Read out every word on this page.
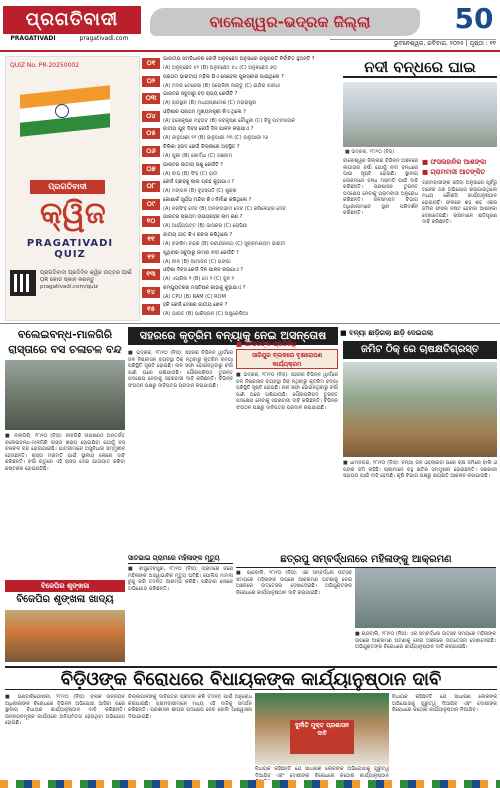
ପ୍ରଗତିବାଦୀ
PRAGATIVADI	pragativadi.com
ବାଲେଶ୍ୱର-ଭଦ୍ରକ ଜିଲ୍ଲା	50
ଭୁବନେଶ୍ୱର, ରବିବାର, ୨୦୨୫ | ପୃଷ୍ଠା : ୧୧
QUIZ No. PR-20250002
ପ୍ରଗତିବାଦୀ
କ୍ୱିଜ
PRAGATIVADI QUIZ
ପ୍ରଗତିବାଦୀ ପ୍ରତିଦିନ କ୍ୱିଜ ଉତ୍ତର ପାଇଁ QR କୋଡ ସ୍କାନ କରନ୍ତୁ pragativadi.com/quiz
୦୧	ଭାରତୀୟ ସମ୍ବିଧାନର କେଉଁ ଅନୁଚ୍ଛେଦ ଅନୁସାରେ ରାଷ୍ଟ୍ରପତି ନିର୍ବାଚିତ ହୁଅନ୍ତି ?
(A) ଅନୁଚ୍ଛେଦ ୫୨ (B) ଅନୁଚ୍ଛେଦ ୫୪ (C) ଅନୁଚ୍ଛେଦ ୬୦
୦୨	ପ୍ରଥମ ଭାରତୀୟ ମହିଳା ଯିଏ ନୋବେଲ ପୁରସ୍କାର ପାଇଥିଲେ ?
(A) ମଦର ଟେରେସା (B) ସରୋଜିନୀ ନାଇଡୁ (C) ଇନ୍ଦିରା ଗାନ୍ଧୀ
୦୩	ଭାରତର ସବୁଠାରୁ ବଡ଼ ରାଜ୍ୟ କେଉଁଟି ?
(A) ରାଜସ୍ଥାନ (B) ମଧ୍ୟପ୍ରଦେଶ (C) ମହାରାଷ୍ଟ୍ର
୦୪	ଓଡ଼ିଶାର ପ୍ରଥମ ମୁଖ୍ୟମନ୍ତ୍ରୀ କିଏ ଥିଲେ ?
(A) ହରେକୃଷ୍ଣ ମହତାବ (B) ନବକୃଷ୍ଣ ଚୌଧୁରୀ (C) ବିଜୁ ପଟ୍ଟନାୟକ
୦୫	ଜାତୀୟ ଯୁବ ଦିବସ କେଉଁ ଦିନ ପାଳନ କରାଯାଏ ?
(A) ଜାନୁଆରୀ ୧୨ (B) ଜାନୁଆରୀ ୨୩ (C) ଜାନୁଆରୀ ୨୬
୦୬	ଚିଲିକା ହ୍ରଦ କେଉଁ ଜିଲ୍ଲାରେ ଅବସ୍ଥିତ ?
(A) ପୁରୀ (B) ଖୋର୍ଦ୍ଧା (C) ଗଞ୍ଜାମ
୦୭	ଭାରତର ଜାତୀୟ ପଶୁ କେଉଁଟି ?
(A) ବାଘ (B) ସିଂହ (C) ହାତୀ
୦୮	କେଉଁ ଗ୍ରହକୁ ଲାଲ ଗ୍ରହ କୁହାଯାଏ ?
(A) ମଙ୍ଗଳ (B) ବୃହସ୍ପତି (C) ଶୁକ୍ର
୦୯	କୋଣାର୍କ ସୂର୍ଯ୍ୟ ମନ୍ଦିର କିଏ ନିର୍ମାଣ କରିଥିଲେ ?
(A) ନରସିଂହ ଦେବ (B) ଅନଙ୍ଗଭୀମ ଦେବ (C) କପିଳେନ୍ଦ୍ର ଦେବ
୧୦	ଭାରତର ପ୍ରଥମ ଉପଗ୍ରହର ନାମ କଣ ?
(A) ଆର୍ଯ୍ୟଭଟ୍ଟ (B) ଭାସ୍କର (C) ରୋହିଣୀ
୧୧	ଜାତୀୟ ଗୀତ କିଏ ରଚନା କରିଥିଲେ ?
(A) ବଙ୍କିମ ଚନ୍ଦ୍ର (B) ରବୀନ୍ଦ୍ରନାଥ (C) ସୁବ୍ରମଣ୍ୟମ ଭାରତୀ
୧୨	ପୃଥିବୀର ସବୁଠାରୁ ଲମ୍ବା ନଦୀ କେଉଁଟି ?
(A) ନୀଳ (B) ଆମାଜନ (C) ଗଙ୍ଗା
୧୩	ଓଡ଼ିଶା ଦିବସ କେଉଁ ଦିନ ପାଳନ କରାଯାଏ ?
(A) ଏପ୍ରିଲ ୧ (B) ମେ ୧ (C) ଜୁନ ୧
୧୪	କମ୍ପ୍ୟୁଟରର ମସ୍ତିଷ୍କ କାହାକୁ କୁହାଯାଏ ?
(A) CPU (B) RAM (C) ROM
୧୫	ହକି କେଉଁ ଦେଶର ଜାତୀୟ ଖେଳ ?
(A) ଭାରତ (B) ପାକିସ୍ତାନ (C) ଅଷ୍ଟ୍ରେଲିଆ
ନଦୀ ବନ୍ଧରେ ଘାଇ
■ ଭଦ୍ରକ, ୨୮ା୧୦ (ନିସ)
ବାଲେଶ୍ୱର ଜିଲ୍ଲାର ବିଭିନ୍ନ ଅଞ୍ଚଳରେ ଲଗାତାର ବର୍ଷା ଯୋଗୁଁ ନଦୀ ବନ୍ଧରେ ଘାଇ ସୃଷ୍ଟି ହୋଇଛି। ସ୍ଥାନୀୟ ଲୋକମାନେ ବନ୍ଧ ମରାମତି ପାଇଁ ଦାବି କରିଛନ୍ତି। ପ୍ରଶାସନ ତୁରନ୍ତ ପଦକ୍ଷେପ ନେବାକୁ ଗ୍ରାମବାସୀ ଅନୁରୋଧ କରିଛନ୍ତି। ଜଳସମ୍ପଦ ବିଭାଗ ଅଧିକାରୀମାନେ ସ୍ଥାନ ପରିଦର୍ଶନ କରିଛନ୍ତି।
■ ଫସଲହାନିର ଆଶଙ୍କା
■ ଗ୍ରାମବାସୀ ଆତଙ୍କିତ
ଗ୍ରାମବାସୀଙ୍କ କହିବା ଅନୁସାରେ ପୂର୍ବରୁ ଅନେକ ଥର ଅଭିଯୋଗ କରାଯାଇଥିଲେ ମଧ୍ୟ କୌଣସି କାର୍ଯ୍ୟାନୁଷ୍ଠାନ ହୋଇନାହିଁ। ଫଳରେ ଶହ ଶହ ଏକର ଜମିର ଫସଲ ନଷ୍ଟ ହେବାର ଆଶଙ୍କା ଦେଖାଦେଇଛି। ଚାଷୀମାନେ କ୍ଷତିପୂରଣ ଦାବି କରିଛନ୍ତି।
ବଲେଇବନ୍ଧ-ମାଳଗିରି ରାସ୍ତାରେ ବସ ଚଳାଚଳ ବନ୍ଦ
■ ନୀଳଗିରି, ୨୮ା୧୦ (ନିସ): ନୀଳଗିରି ଉପଖଣ୍ଡ ଅନ୍ତର୍ଗତ ବଲେଇବନ୍ଧ-ମାଳଗିରି ରାସ୍ତା ଖରାପ ହୋଇଯିବା ଯୋଗୁଁ ବସ ଚଳାଚଳ ବନ୍ଦ ହୋଇଯାଇଛି। ଯାତ୍ରୀମାନେ ଅସୁବିଧାର ସମ୍ମୁଖୀନ ହେଉଛନ୍ତି। ରାସ୍ତା ମରାମତି ପାଇଁ ସ୍ଥାନୀୟ ଲୋକେ ଦାବି କରିଛନ୍ତି। ବର୍ଷା ଋତୁରେ ଏହି ରାସ୍ତା ଦେଇ ଯାତାୟାତ କରିବା କଷ୍ଟକର ହୋଇପଡ଼ିଛି।
ସହରରେ କୃତ୍ରିମ ବନ୍ୟାକୁ ନେଇ ଅସନ୍ତୋଷ
■ ସାଂସଦଙ୍କ ପ୍ରତିନିଧି
ସାରିପୁର ବ୍ଲକରେ ବୃକ୍ଷରୋପଣ କାର୍ଯ୍ୟକ୍ରମ
■ ଭଦ୍ରକ, ୨୮ା୧୦ (ନିସ): ସହରର ବିଭିନ୍ନ ୱାର୍ଡରେ ଜଳ ନିଷ୍କାସନ ବ୍ୟବସ୍ଥା ଠିକ୍ ନଥିବାରୁ କୃତ୍ରିମ ବନ୍ୟା ପରିସ୍ଥିତି ସୃଷ୍ଟି ହୋଇଛି। ନାଳ ସଫା ହୋଇନଥିବାରୁ ବର୍ଷା ପାଣି ଘରେ ପଶିଯାଉଛି। ପୌରପରିଷଦ ତୁରନ୍ତ ପଦକ୍ଷେପ ନେବାକୁ ସହରବାସୀ ଦାବି କରିଛନ୍ତି। ବିଭିନ୍ନ ସଂଗଠନ ପକ୍ଷରୁ ଦାବିପତ୍ର ପ୍ରଦାନ କରାଯାଇଛି।
■ ଭଦ୍ରକ, ୨୮ା୧୦ (ନିସ): ସହରର ବିଭିନ୍ନ ୱାର୍ଡରେ ଜଳ ନିଷ୍କାସନ ବ୍ୟବସ୍ଥା ଠିକ୍ ନଥିବାରୁ କୃତ୍ରିମ ବନ୍ୟା ପରିସ୍ଥିତି ସୃଷ୍ଟି ହୋଇଛି। ନାଳ ସଫା ହୋଇନଥିବାରୁ ବର୍ଷା ପାଣି ଘରେ ପଶିଯାଉଛି। ପୌରପରିଷଦ ତୁରନ୍ତ ପଦକ୍ଷେପ ନେବାକୁ ସହରବାସୀ ଦାବି କରିଛନ୍ତି। ବିଭିନ୍ନ ସଂଗଠନ ପକ୍ଷରୁ ଦାବିପତ୍ର ପ୍ରଦାନ କରାଯାଇଛି।
■ ବନ୍ୟା ଛାଡ଼ିଗଲା ଛାଡ଼ି ଦେଇଗଲା
ଜମିଟ ଠିକ୍ ରେ ଚାଷକ୍ଷତିଗ୍ରସ୍ତ
■ ଧାମନଗର, ୨୮ା୧୦ (ନିସ): ବନ୍ୟା ଜଳ ଓହ୍ଲାଇବା ପରେ ଚାଷ ଜମିରେ ବାଲି ଓ ପଙ୍କ ଜମି ରହିଛି। ଚାଷୀମାନେ ବହୁ କ୍ଷତିର ସମ୍ମୁଖୀନ ହୋଇଛନ୍ତି। ସରକାରୀ ସହାୟତା ପାଇଁ ଦାବି ହେଉଛି। କୃଷି ବିଭାଗ ପକ୍ଷରୁ କ୍ଷୟକ୍ଷତି ଆକଳନ କରାଯାଉଛି।
ବିଜେପିର ଶୃଙ୍ଖଳା
ବିଜେପିର ଶୃଙ୍ଖଳା ଖାଦ୍ୟ
ସାତଭାଇ ଗ୍ରାମରେ ମହିଳାଙ୍କ ମୃତ୍ୟୁ
■ ବାସୁଦେବପୁର, ୨୮ା୧୦ (ନିସ): ଗ୍ରାମରେ ଜଣେ ମହିଳାଙ୍କ ଅସ୍ୱାଭାବିକ ମୃତ୍ୟୁ ଘଟିଛି। ପୋଲିସ ମାମଲା ରୁଜୁ କରି ତଦନ୍ତ ଆରମ୍ଭ କରିଛି। ପରିବାର ଲୋକେ ଅଭିଯୋଗ କରିଛନ୍ତି।
ଛତ୍ରପୁ ସମ୍ବର୍ଦ୍ଧନାରେ ମହିଳାଙ୍କୁ ଆକ୍ରମଣ
■ ଚାନ୍ଦବାଲି, ୨୮ା୧୦ (ନିସ): ଏକ ସମ୍ବର୍ଦ୍ଧନା ଉତ୍ସବ ସମୟରେ ମହିଳାଙ୍କ ଉପରେ ଆକ୍ରମଣ ଘଟଣାକୁ ନେଇ ଅଞ୍ଚଳରେ ଉତ୍ତେଜନା ଦେଖାଦେଇଛି। ଅଭିଯୁକ୍ତଙ୍କ ବିରୋଧରେ କାର୍ଯ୍ୟାନୁଷ୍ଠାନ ଦାବି କରାଯାଇଛି।
■ ଚାନ୍ଦବାଲି, ୨୮ା୧୦ (ନିସ): ଏକ ସମ୍ବର୍ଦ୍ଧନା ଉତ୍ସବ ସମୟରେ ମହିଳାଙ୍କ ଉପରେ ଆକ୍ରମଣ ଘଟଣାକୁ ନେଇ ଅଞ୍ଚଳରେ ଉତ୍ତେଜନା ଦେଖାଦେଇଛି। ଅଭିଯୁକ୍ତଙ୍କ ବିରୋଧରେ କାର୍ଯ୍ୟାନୁଷ୍ଠାନ ଦାବି କରାଯାଇଛି।
ବିଡ଼ିଓଙ୍କ ବିରୋଧରେ ବିଧାୟକଙ୍କ କାର୍ଯ୍ୟାନୁଷ୍ଠାନ ଦାବି
■ ଭଣ୍ଡାରିପୋଖରୀ, ୨୮ା୧୦ (ନିସ): ବ୍ଲକ ଉନ୍ନୟନ ଅଧିକାରୀଙ୍କ ବିରୋଧରେ ବିଭିନ୍ନ ଅଭିଯୋଗ ଆସିବା ପରେ ସ୍ଥାନୀୟ ବିଧାୟକ କାର୍ଯ୍ୟାନୁଷ୍ଠାନ ଦାବି କରିଛନ୍ତି। ଉନ୍ନୟନମୂଳକ କାର୍ଯ୍ୟରେ ଅନିୟମିତତା ହେଉଥିବା ଅଭିଯୋଗ ହୋଇଛି।
ଜିଲ୍ଲାପାଳଙ୍କୁ ଦାବିପତ୍ର ପ୍ରଦାନ କରି ତଦନ୍ତ ପାଇଁ ଅନୁରୋଧ କରାଯାଇଛି। ଗ୍ରାମବାସୀମାନେ ମଧ୍ୟ ଏହି ଦାବିକୁ ସମର୍ଥନ କରିଛନ୍ତି। ପ୍ରଶାସନ ଶୀଘ୍ର ପଦକ୍ଷେପ ନେବ ବୋଲି ଆଶ୍ୱାସନା ଦିଆଯାଇଛି।
ଦୁର୍ନୀତି ମୁକ୍ତ ପ୍ରଶାସନ ଦାବି
ବିଧାୟକ କହିଛନ୍ତି ଯେ ସାଧାରଣ ଲୋକଙ୍କ ଅଭିଯୋଗକୁ ଗୁରୁତ୍ୱ ଦିଆଯିବ ଏବଂ ଦୋଷୀଙ୍କ ବିରୋଧରେ କଠୋର କାର୍ଯ୍ୟାନୁଷ୍ଠାନ ନିଆଯିବ।
ବିଧାୟକ କହିଛନ୍ତି ଯେ ସାଧାରଣ ଲୋକଙ୍କ ଅଭିଯୋଗକୁ ଗୁରୁତ୍ୱ ଦିଆଯିବ ଏବଂ ଦୋଷୀଙ୍କ ବିରୋଧରେ କଠୋର କାର୍ଯ୍ୟାନୁଷ୍ଠାନ
